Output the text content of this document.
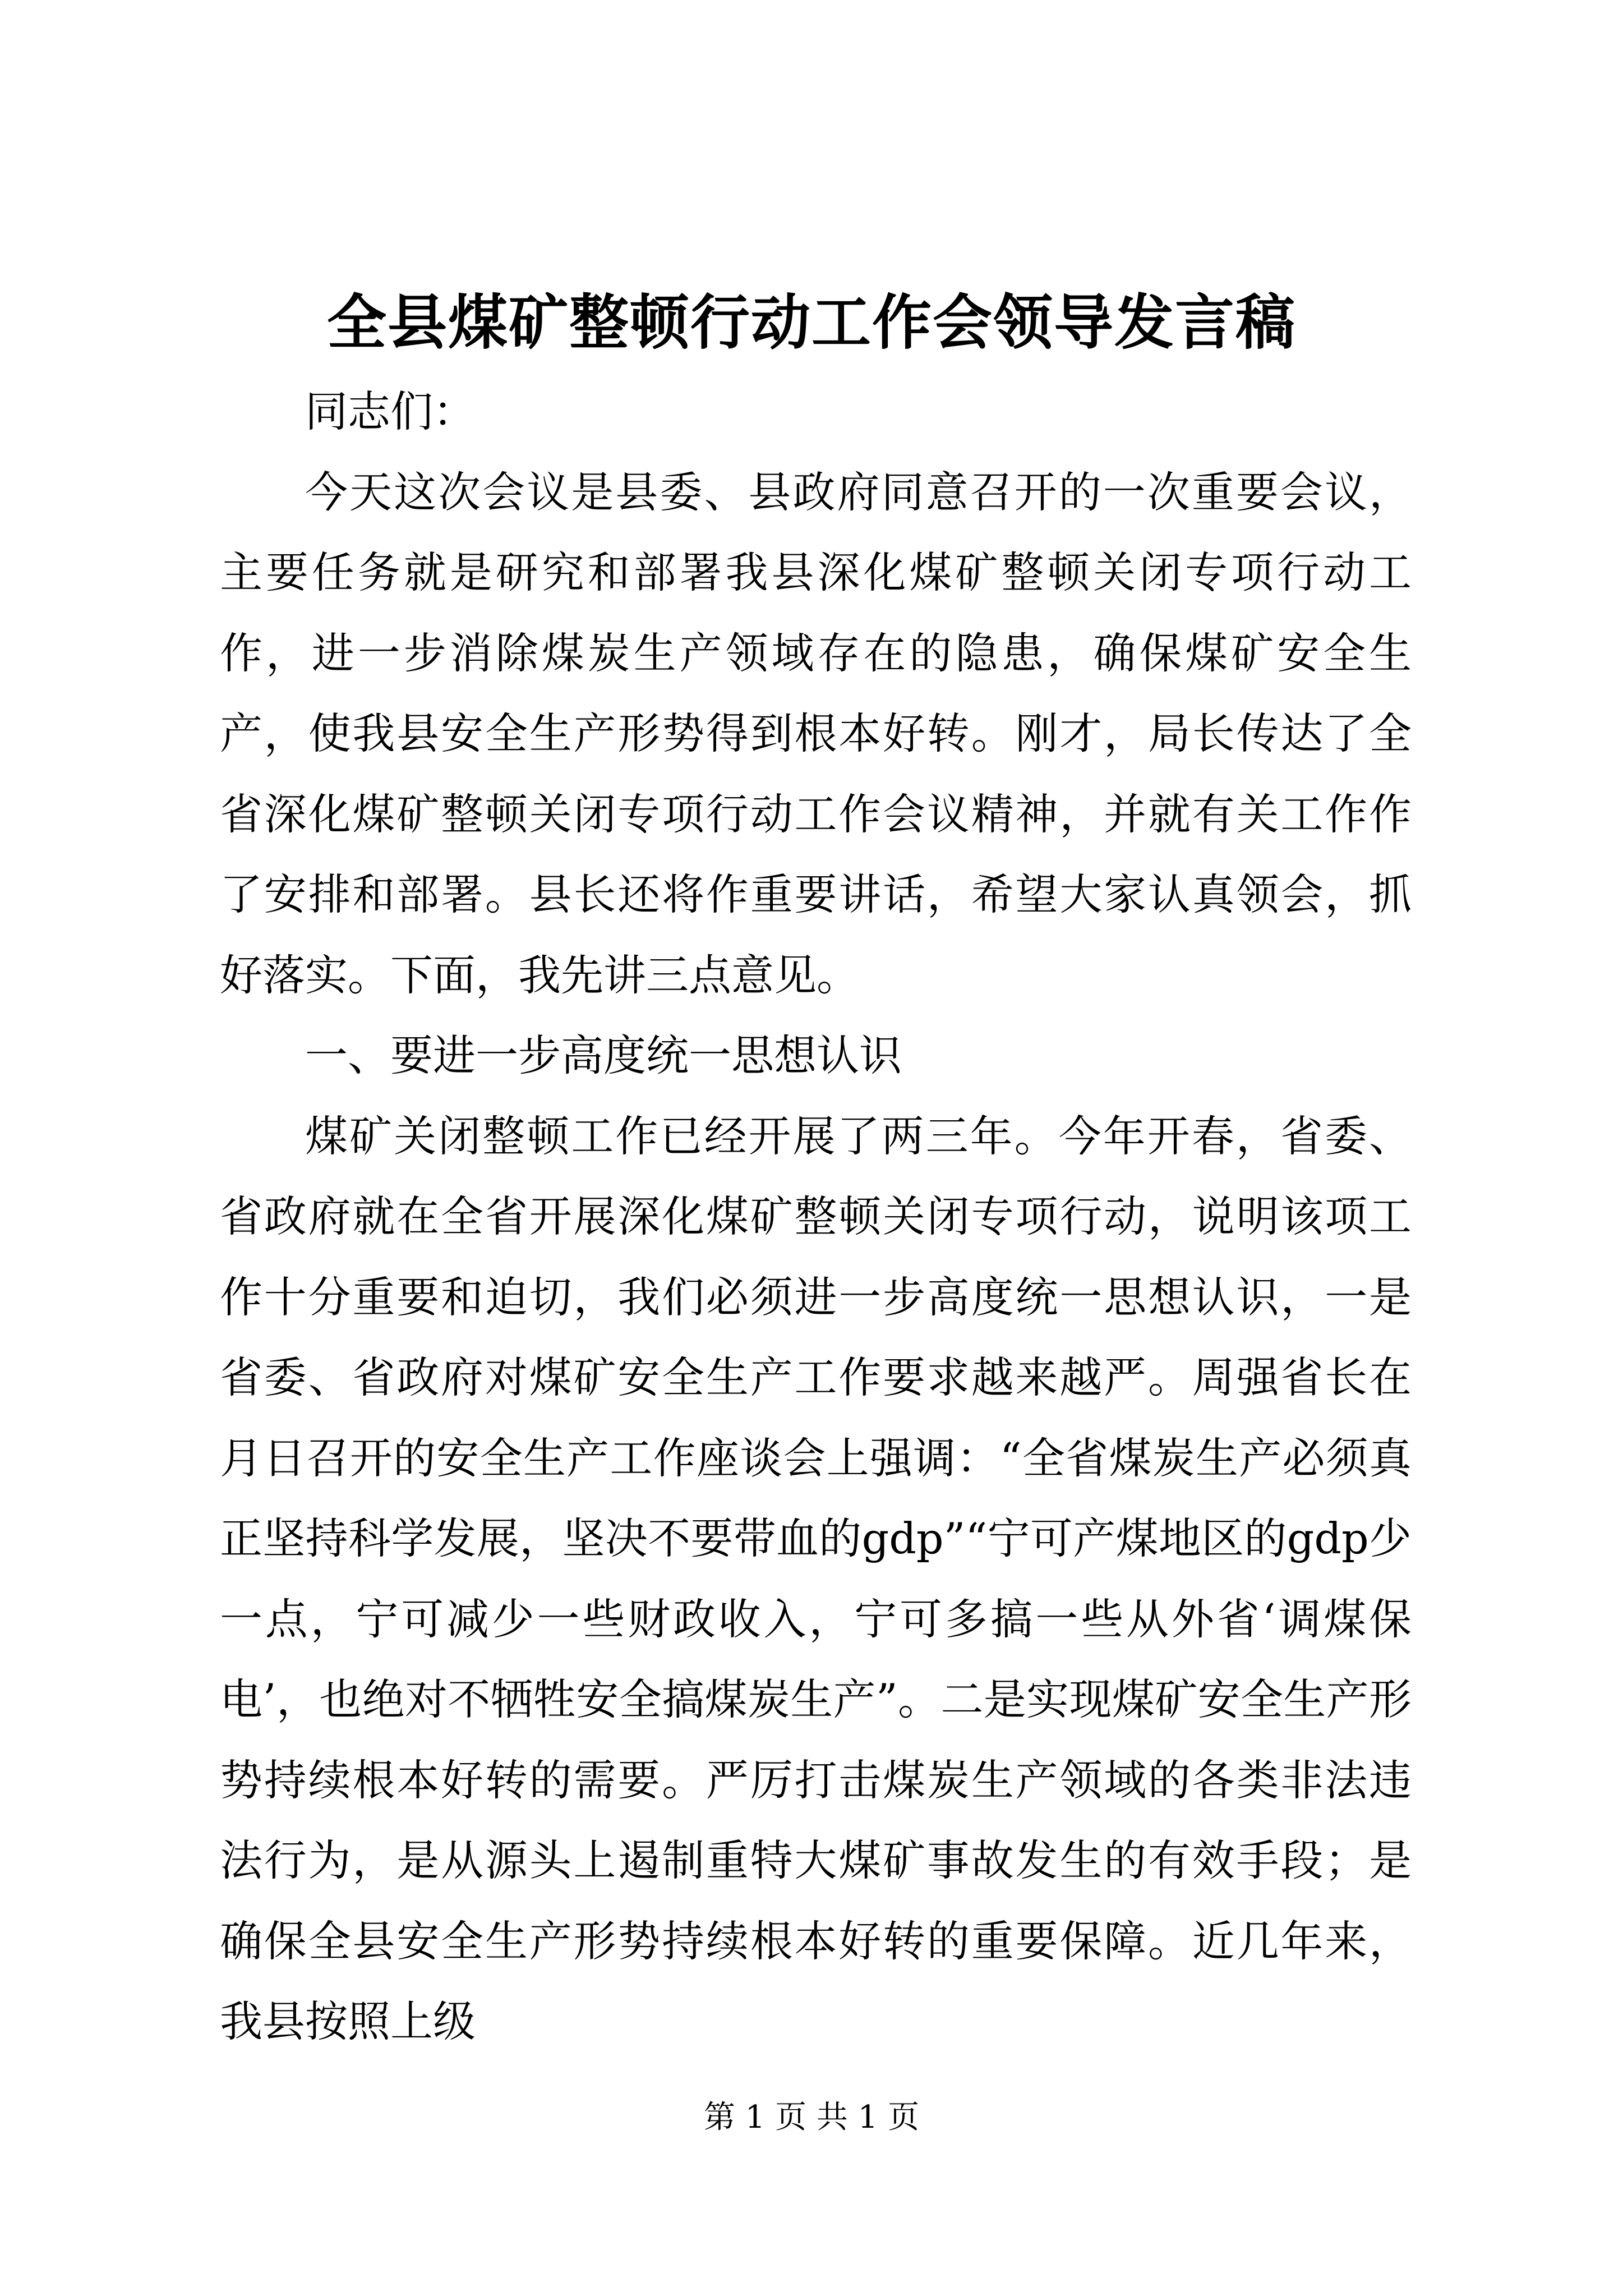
全县煤矿整顿行动工作会领导发言稿

同志们：

今天这次会议是县委、县政府同意召开的一次重要会议，主要任务就是研究和部署我县深化煤矿整顿关闭专项行动工作，进一步消除煤炭生产领域存在的隐患，确保煤矿安全生产，使我县安全生产形势得到根本好转。刚才，局长传达了全省深化煤矿整顿关闭专项行动工作会议精神，并就有关工作作了安排和部署。县长还将作重要讲话，希望大家认真领会，抓好落实。下面，我先讲三点意见。

一、要进一步高度统一思想认识

煤矿关闭整顿工作已经开展了两三年。今年开春，省委、省政府就在全省开展深化煤矿整顿关闭专项行动，说明该项工作十分重要和迫切，我们必须进一步高度统一思想认识，一是省委、省政府对煤矿安全生产工作要求越来越严。周强省长在月日召开的安全生产工作座谈会上强调：“全省煤炭生产必须真正坚持科学发展，坚决不要带血的gdp”“宁可产煤地区的gdp少一点，宁可减少一些财政收入，宁可多搞一些从外省‘调煤保电’，也绝对不牺牲安全搞煤炭生产”。二是实现煤矿安全生产形势持续根本好转的需要。严厉打击煤炭生产领域的各类非法违法行为，是从源头上遏制重特大煤矿事故发生的有效手段；是确保全县安全生产形势持续根本好转的重要保障。近几年来，我县按照上级

第 1 页 共 1 页
